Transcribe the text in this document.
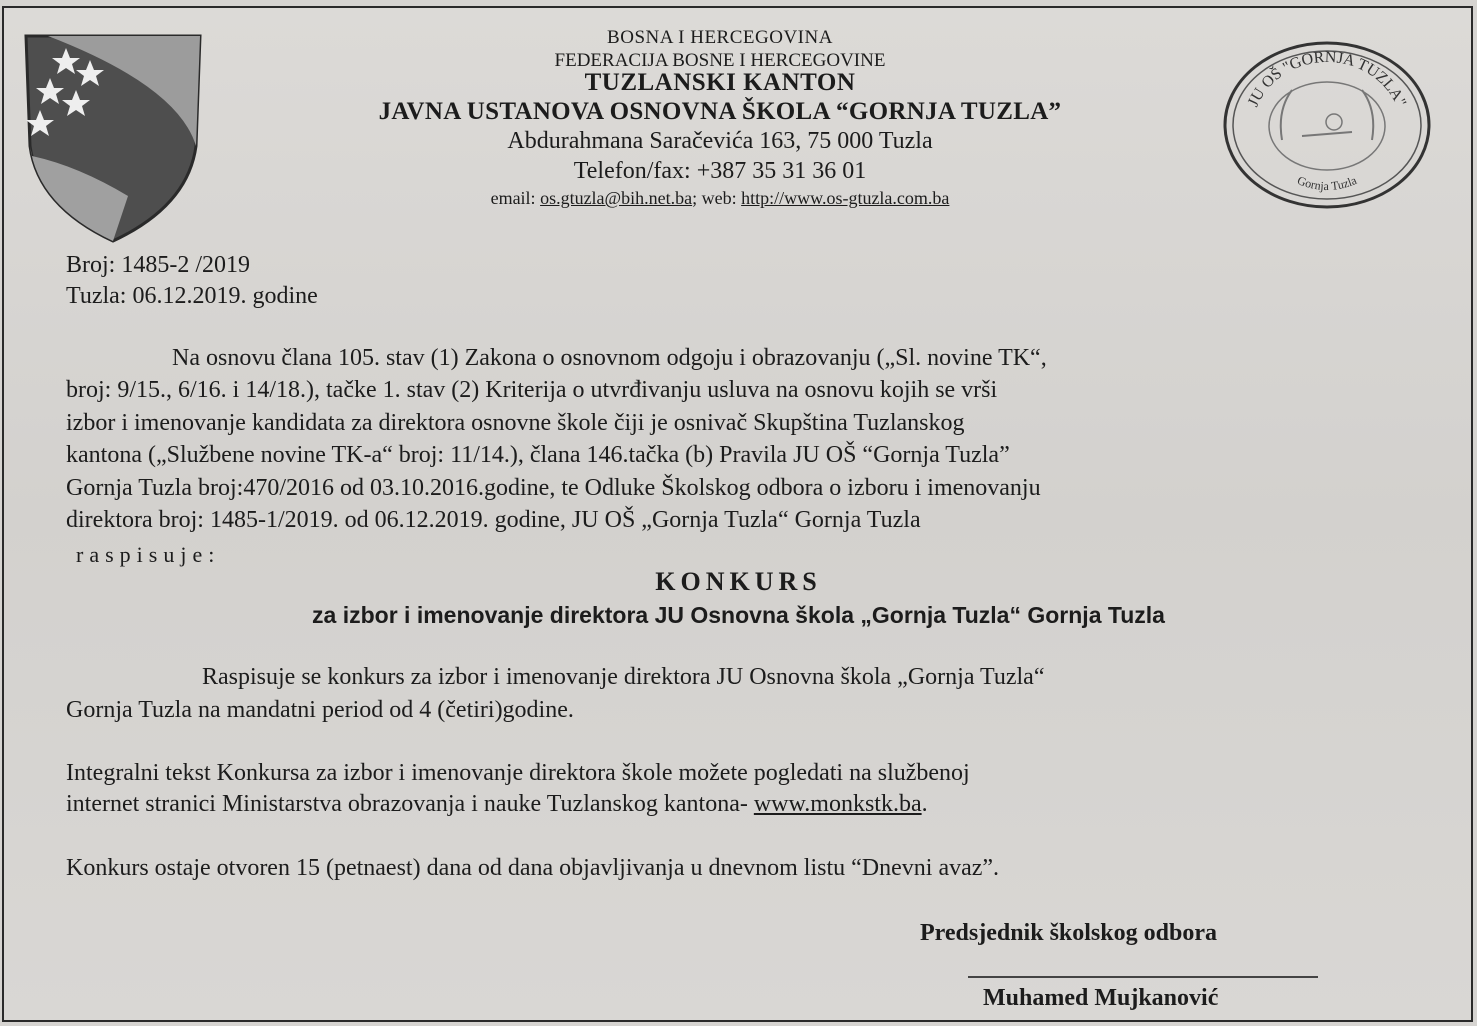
BOSNA I HERCEGOVINA
FEDERACIJA BOSNE I HERCEGOVINE
TUZLANSKI KANTON
JAVNA USTANOVA OSNOVNA ŠKOLA “GORNJA TUZLA”
Abdurahmana Saračevića 163, 75 000 Tuzla
Telefon/fax: +387 35 31 36 01
email: os.gtuzla@bih.net.ba; web: http://www.os-gtuzla.com.ba
JU OŠ "GORNJA TUZLA"
Gornja Tuzla
Broj: 1485-2 /2019
Tuzla: 06.12.2019. godine
Na osnovu člana 105. stav (1) Zakona o osnovnom odgoju i obrazovanju („Sl. novine TK“,
broj: 9/15., 6/16. i 14/18.), tačke 1. stav (2) Kriterija o utvrđivanju usluva na osnovu kojih se vrši
izbor i imenovanje kandidata za direktora osnovne škole čiji je osnivač Skupština Tuzlanskog
kantona („Službene novine TK-a“ broj: 11/14.), člana 146.tačka (b) Pravila JU OŠ “Gornja Tuzla”
Gornja Tuzla broj:470/2016 od 03.10.2016.godine, te Odluke Školskog odbora o izboru i imenovanju
direktora broj: 1485-1/2019. od 06.12.2019. godine, JU OŠ „Gornja Tuzla“ Gornja Tuzla
raspisuje:
KONKURS
za izbor i imenovanje direktora JU Osnovna škola „Gornja Tuzla“ Gornja Tuzla
Raspisuje se konkurs za izbor i imenovanje direktora JU Osnovna škola „Gornja Tuzla“
Gornja Tuzla na mandatni period od 4 (četiri)godine.
Integralni tekst Konkursa za izbor i imenovanje direktora škole možete pogledati na službenoj
internet stranici Ministarstva obrazovanja i nauke Tuzlanskog kantona- www.monkstk.ba.
Konkurs ostaje otvoren 15 (petnaest) dana od dana objavljivanja u dnevnom listu “Dnevni avaz”.
Predsjednik školskog odbora
Muhamed Mujkanović
